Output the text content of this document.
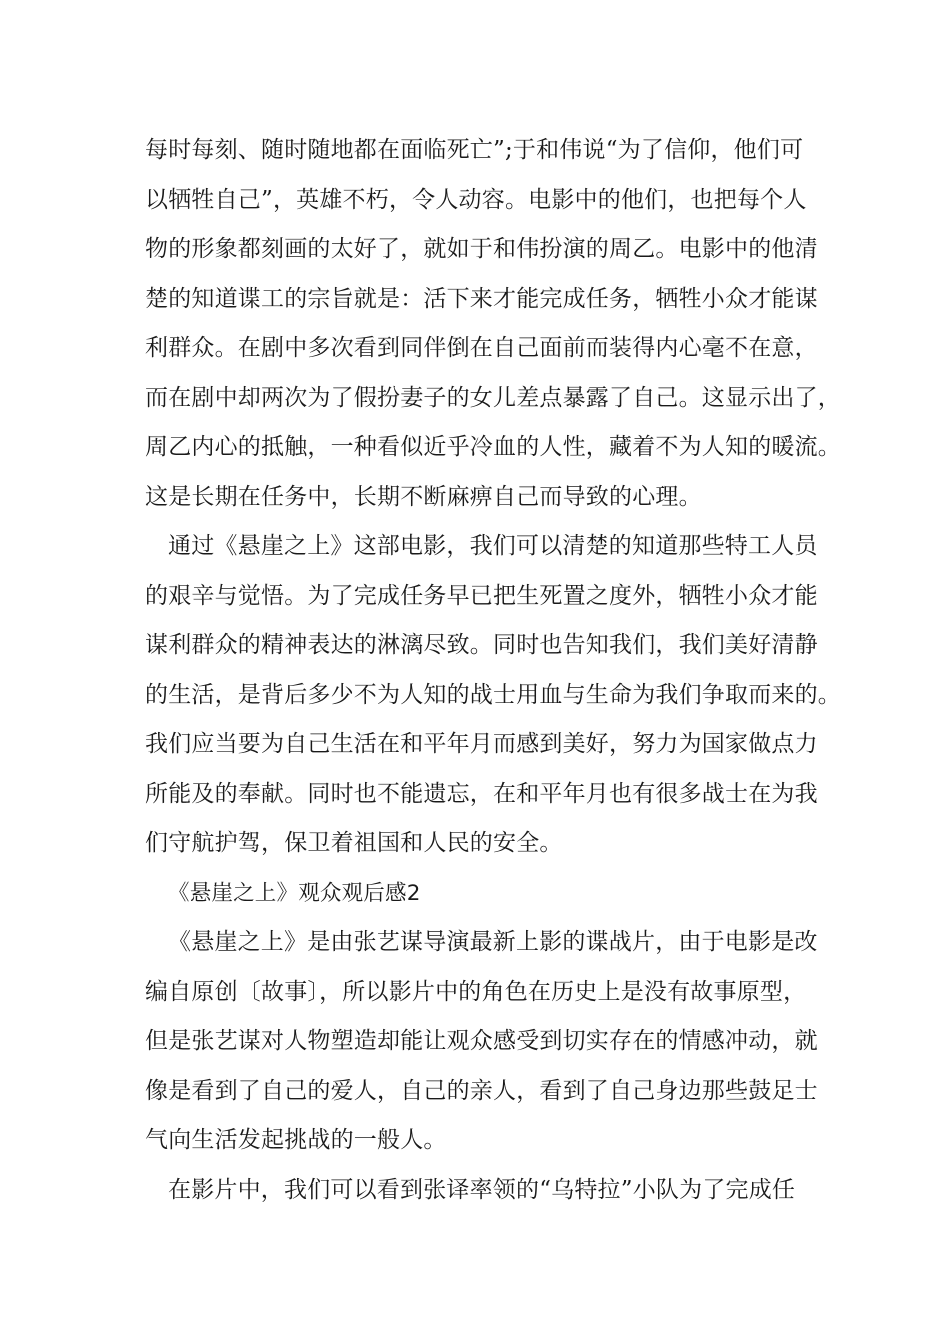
每时每刻、随时随地都在面临死亡”;于和伟说“为了信仰，他们可
以牺牲自己”，英雄不朽，令人动容。电影中的他们，也把每个人
物的形象都刻画的太好了，就如于和伟扮演的周乙。电影中的他清
楚的知道谍工的宗旨就是：活下来才能完成任务，牺牲小众才能谋
利群众。在剧中多次看到同伴倒在自己面前而装得内心毫不在意，
而在剧中却两次为了假扮妻子的女儿差点暴露了自己。这显示出了，
周乙内心的抵触，一种看似近乎冷血的人性，藏着不为人知的暖流。
这是长期在任务中，长期不断麻痹自己而导致的心理。
通过《悬崖之上》这部电影，我们可以清楚的知道那些特工人员
的艰辛与觉悟。为了完成任务早已把生死置之度外，牺牲小众才能
谋利群众的精神表达的淋漓尽致。同时也告知我们，我们美好清静
的生活，是背后多少不为人知的战士用血与生命为我们争取而来的。
我们应当要为自己生活在和平年月而感到美好，努力为国家做点力
所能及的奉献。同时也不能遗忘，在和平年月也有很多战士在为我
们守航护驾，保卫着祖国和人民的安全。
《悬崖之上》观众观后感2
《悬崖之上》是由张艺谋导演最新上影的谍战片，由于电影是改
编自原创〔故事〕，所以影片中的角色在历史上是没有故事原型，
但是张艺谋对人物塑造却能让观众感受到切实存在的情感冲动，就
像是看到了自己的爱人，自己的亲人，看到了自己身边那些鼓足士
气向生活发起挑战的一般人。
在影片中，我们可以看到张译率领的“乌特拉”小队为了完成任
